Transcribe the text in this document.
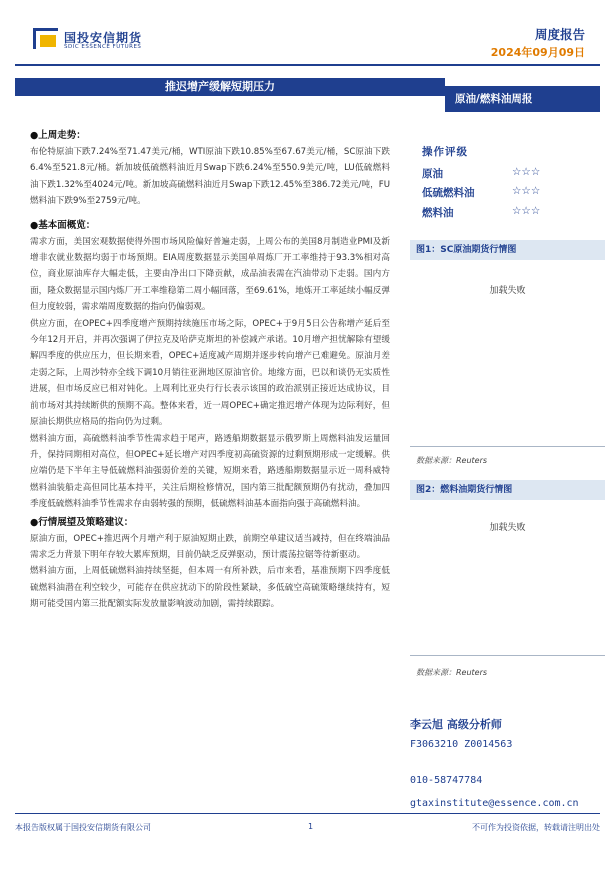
国投安信期货
SDIC ESSENCE FUTURES
周度报告
2024年09月09日
推迟增产缓解短期压力
原油/燃料油周报
●上周走势：

布伦特原油下跌7.24%至71.47美元/桶，WTI原油下跌10.85%至67.67美元/桶，SC原油下跌6.4%至521.8元/桶。新加坡低硫燃料油近月Swap下跌6.24%至550.9美元/吨，LU低硫燃料油下跌1.32%至4024元/吨。新加坡高硫燃料油近月Swap下跌12.45%至386.72美元/吨，FU燃料油下跌9%至2759元/吨。

●基本面概览：

需求方面，美国宏观数据使得外围市场风险偏好普遍走弱，上周公布的美国8月制造业PMI及新增非农就业数据均弱于市场预期。EIA周度数据显示美国单周炼厂开工率维持于93.3%相对高位，商业原油库存大幅走低，主要由净出口下降贡献，成品油表需在汽油带动下走弱。国内方面，隆众数据显示国内炼厂开工率维稳第二周小幅回落，至69.61%，地炼开工率延续小幅反弹但力度较弱，需求端周度数据的指向仍偏弱观。

供应方面，在OPEC+四季度增产预期持续施压市场之际，OPEC+于9月5日公告称增产延后至今年12月开启，并再次强调了伊拉克及哈萨克斯坦的补偿减产承诺。10月增产担忧解除有望缓解四季度的供应压力，但长期来看，OPEC+适度减产周期并逐步转向增产已难避免。原油月差走弱之际，上周沙特亦全线下调10月销往亚洲地区原油官价。地缘方面，巴以和谈仍无实质性进展，但市场反应已相对钝化。上周利比亚央行行长表示该国的政治派别正接近达成协议，目前市场对其持续断供的预期不高。整体来看，近一周OPEC+确定推迟增产体现为边际利好，但原油长期供应格局的指向仍为过剩。

燃料油方面，高硫燃料油季节性需求趋于尾声，路透船期数据显示俄罗斯上周燃料油发运量回升，保持同期相对高位，但OPEC+延长增产对四季度初高硫资源的过剩预期形成一定缓解。供应端仍是下半年主导低硫燃料油强弱价差的关键，短期来看，路透船期数据显示近一周科威特燃料油装船走高但同比基本持平，关注后期检修情况，国内第三批配额预期仍有扰动，叠加四季度低硫燃料油季节性需求存由弱转强的预期，低硫燃料油基本面指向强于高硫燃料油。

●行情展望及策略建议：

原油方面，OPEC+推迟两个月增产利于原油短期止跌，前期空单建议适当减持，但在终端油品需求乏力背景下明年存较大累库预期，目前仍缺乏反弹驱动，预计震荡拉锯等待新驱动。

燃料油方面，上周低硫燃料油持续坚挺，但本周一有所补跌，后市来看，基准预期下四季度低硫燃料油潜在利空较少，可能存在供应扰动下的阶段性紧缺，多低硫空高硫策略继续持有，短期可能受国内第三批配额实际发放量影响波动加剧，需持续跟踪。

操作评级
原油	☆☆☆
低硫燃料油	☆☆☆
燃料油	☆☆☆
图1：SC原油期货行情图
加载失败
数据来源：Reuters
图2：燃料油期货行情图
加载失败
数据来源：Reuters
李云旭 高级分析师
F3063210 Z0014563
010-58747784
gtaxinstitute@essence.com.cn
本报告版权属于国投安信期货有限公司	1	不可作为投资依据，转载请注明出处
